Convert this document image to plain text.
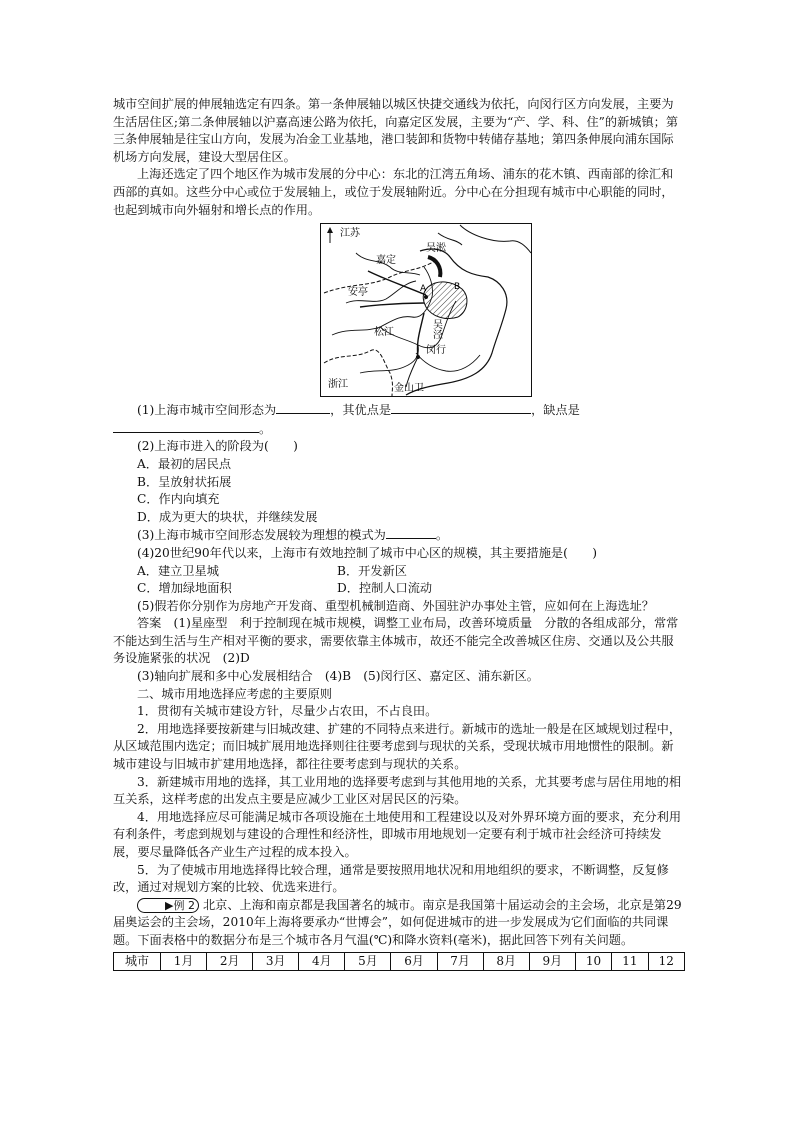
城市空间扩展的伸展轴选定有四条。第一条伸展轴以城区快捷交通线为依托，向闵行区方向发展，主要为生活居住区;第二条伸展轴以沪嘉高速公路为依托，向嘉定区发展，主要为“产、学、科、住”的新城镇；第三条伸展轴是往宝山方向，发展为冶金工业基地，港口装卸和货物中转储存基地；第四条伸展向浦东国际机场方向发展，建设大型居住区。

上海还选定了四个地区作为城市发展的分中心：东北的江湾五角场、浦东的花木镇、西南部的徐汇和西部的真如。这些分中心或位于发展轴上，或位于发展轴附近。分中心在分担现有城市中心职能的同时，也起到城市向外辐射和增长点的作用。

江苏
吴淞
嘉定
安亭	A	B
松江
闵行
吴泾
浙江	金山卫

(1)上海市城市空间形态为	，其优点是	，缺点是
。

(2)上海市进入的阶段为(　　)

A．最初的居民点

B．呈放射状拓展

C．作内向填充

D．成为更大的块状，并继续发展

(3)上海市城市空间形态发展较为理想的模式为	。

(4)20世纪90年代以来，上海市有效地控制了城市中心区的规模，其主要措施是(　　)

A．建立卫星城	B．开发新区

C．增加绿地面积	D．控制人口流动

(5)假若你分别作为房地产开发商、重型机械制造商、外国驻沪办事处主管，应如何在上海选址？

答案　(1)星座型　利于控制现在城市规模，调整工业布局，改善环境质量　分散的各组成部分，常常不能达到生活与生产相对平衡的要求，需要依靠主体城市，故还不能完全改善城区住房、交通以及公共服务设施紧张的状况　(2)D

(3)轴向扩展和多中心发展相结合　(4)B　(5)闵行区、嘉定区、浦东新区。

二、城市用地选择应考虑的主要原则

1．贯彻有关城市建设方针，尽量少占农田，不占良田。

2．用地选择要按新建与旧城改建、扩建的不同特点来进行。新城市的选址一般是在区域规划过程中，从区域范围内选定；而旧城扩展用地选择则往往要考虑到与现状的关系，受现状城市用地惯性的限制。新城市建设与旧城市扩建用地选择，都往往要考虑到与现状的关系。

3．新建城市用地的选择，其工业用地的选择要考虑到与其他用地的关系，尤其要考虑与居住用地的相互关系，这样考虑的出发点主要是应减少工业区对居民区的污染。

4．用地选择应尽可能满足城市各项设施在土地使用和工程建设以及对外界环境方面的要求，充分利用有利条件，考虑到规划与建设的合理性和经济性，即城市用地规划一定要有利于城市社会经济可持续发展，要尽量降低各产业生产过程的成本投入。

5．为了使城市用地选择得比较合理，通常是要按照用地状况和用地组织的要求，不断调整，反复修改，通过对规划方案的比较、优选来进行。

▶例 2 北京、上海和南京都是我国著名的城市。南京是我国第十届运动会的主会场，北京是第29届奥运会的主会场，2010年上海将要承办“世博会”，如何促进城市的进一步发展成为它们面临的共同课题。下面表格中的数据分布是三个城市各月气温(℃)和降水资料(毫米)，据此回答下列有关问题。

城市	1月	2月	3月	4月	5月	6月	7月	8月	9月	10	11	12
